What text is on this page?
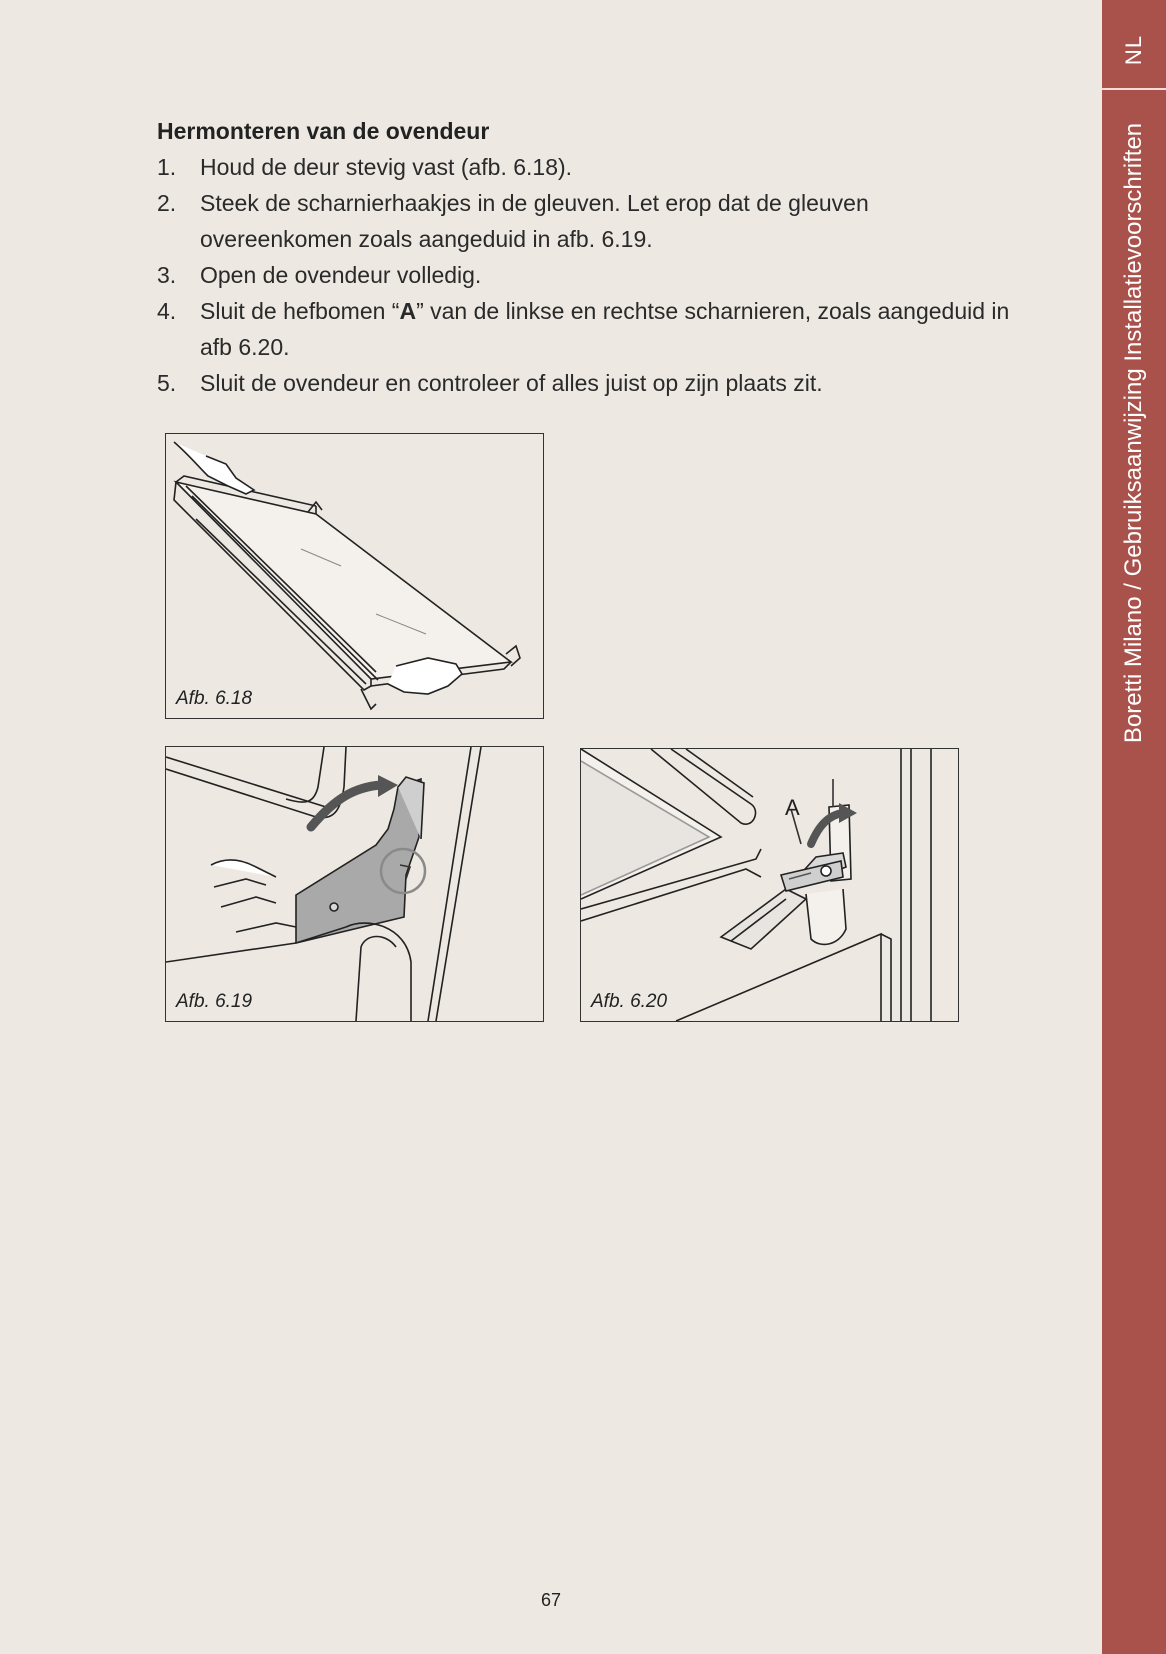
NL
Boretti Milano / Gebruiksaanwijzing Installatievoorschriften
Hermonteren van de ovendeur
1. Houd de deur stevig vast (afb. 6.18).
2. Steek de scharnierhaakjes in de gleuven. Let erop dat de gleuven overeenkomen zoals aangeduid in afb. 6.19.
3. Open de ovendeur volledig.
4. Sluit de hefbomen “A” van de linkse en rechtse scharnieren, zoals aangeduid in afb 6.20.
5. Sluit de ovendeur en controleer of alles juist op zijn plaats zit.
Afb. 6.18
Afb. 6.19
A
Afb. 6.20
67
